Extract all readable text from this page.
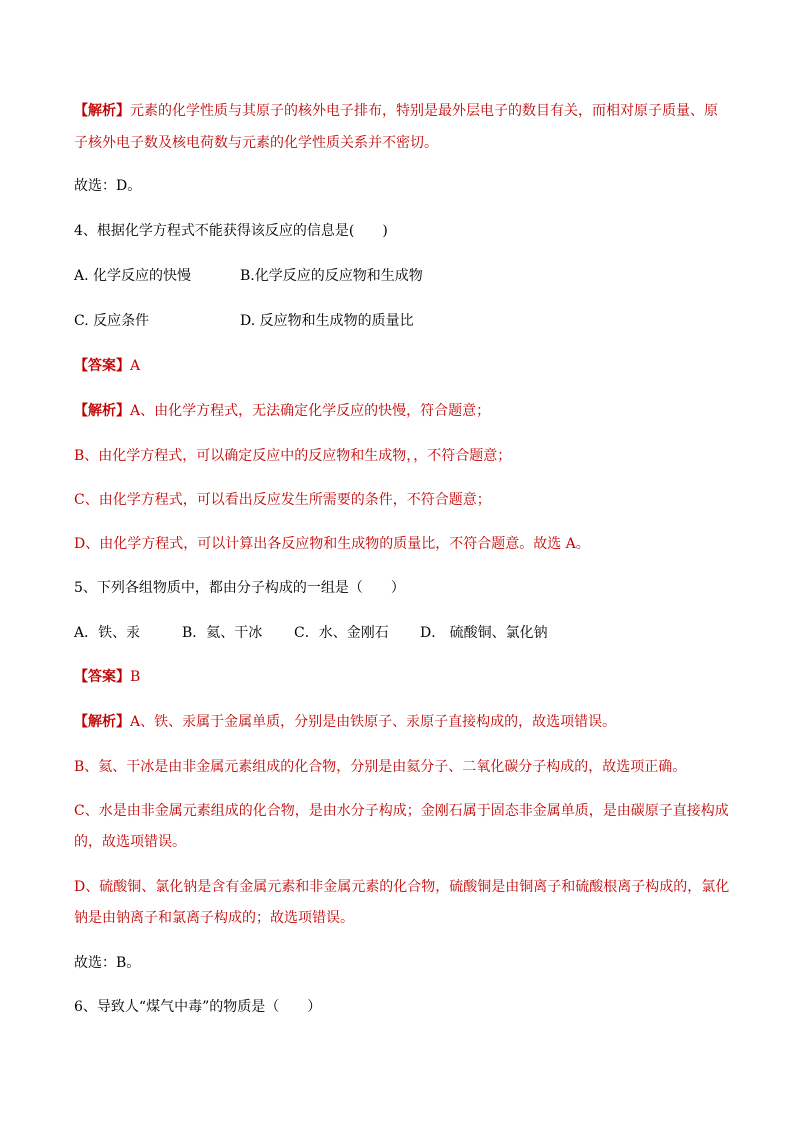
【解析】元素的化学性质与其原子的核外电子排布，特别是最外层电子的数目有关，而相对原子质量、原
子核外电子数及核电荷数与元素的化学性质关系并不密切。
故选：D。
4、根据化学方程式不能获得该反应的信息是(　　)
A. 化学反应的快慢	B.化学反应的反应物和生成物
C. 反应条件	D. 反应物和生成物的质量比
【答案】A
【解析】A、由化学方程式，无法确定化学反应的快慢，符合题意；
B、由化学方程式，可以确定反应中的反应物和生成物，，不符合题意；
C、由化学方程式，可以看出反应发生所需要的条件，不符合题意；
D、由化学方程式，可以计算出各反应物和生成物的质量比，不符合题意。故选 A。
5、下列各组物质中，都由分子构成的一组是（　　）
A．铁、汞	B．氦、干冰 C．水、金刚石 D． 硫酸铜、氯化钠
【答案】B
【解析】A、铁、汞属于金属单质，分别是由铁原子、汞原子直接构成的，故选项错误。
B、氦、干冰是由非金属元素组成的化合物，分别是由氦分子、二氧化碳分子构成的，故选项正确。
C、水是由非金属元素组成的化合物，是由水分子构成；金刚石属于固态非金属单质，是由碳原子直接构成
的，故选项错误。
D、硫酸铜、氯化钠是含有金属元素和非金属元素的化合物，硫酸铜是由铜离子和硫酸根离子构成的，氯化
钠是由钠离子和氯离子构成的；故选项错误。
故选：B。
6、导致人“煤气中毒”的物质是（　　）
